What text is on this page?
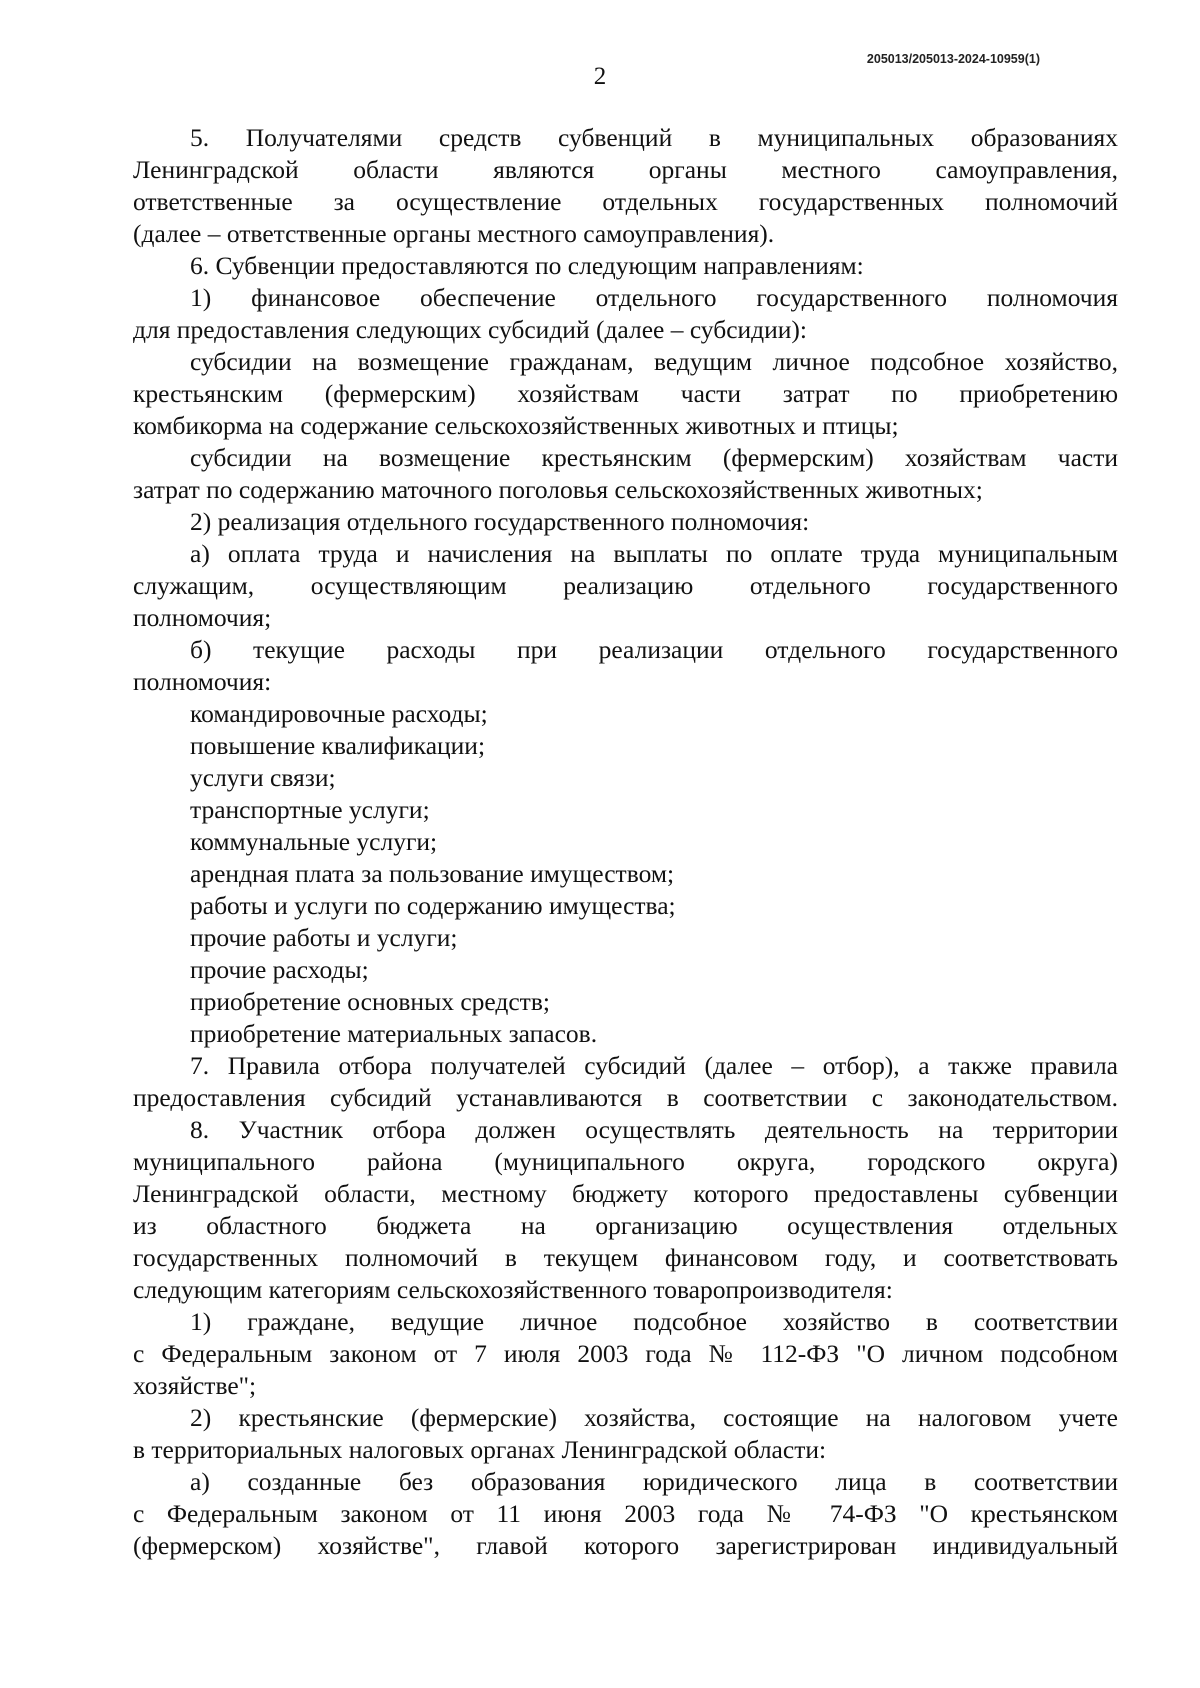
205013/205013-2024-10959(1)
2
5. Получателями средств субвенций в муниципальных образованиях
Ленинградской области являются органы местного самоуправления,
ответственные за осуществление отдельных государственных полномочий
(далее – ответственные органы местного самоуправления).
6. Субвенции предоставляются по следующим направлениям:
1) финансовое обеспечение отдельного государственного полномочия
для предоставления следующих субсидий (далее – субсидии):
субсидии на возмещение гражданам, ведущим личное подсобное хозяйство,
крестьянским (фермерским) хозяйствам части затрат по приобретению
комбикорма на содержание сельскохозяйственных животных и птицы;
субсидии на возмещение крестьянским (фермерским) хозяйствам части
затрат по содержанию маточного поголовья сельскохозяйственных животных;
2) реализация отдельного государственного полномочия:
а) оплата труда и начисления на выплаты по оплате труда муниципальным
служащим, осуществляющим реализацию отдельного государственного
полномочия;
б) текущие расходы при реализации отдельного государственного
полномочия:
командировочные расходы;
повышение квалификации;
услуги связи;
транспортные услуги;
коммунальные услуги;
арендная плата за пользование имуществом;
работы и услуги по содержанию имущества;
прочие работы и услуги;
прочие расходы;
приобретение основных средств;
приобретение материальных запасов.
7. Правила отбора получателей субсидий (далее – отбор), а также правила
предоставления субсидий устанавливаются в соответствии с законодательством.
8. Участник отбора должен осуществлять деятельность на территории
муниципального района (муниципального округа, городского округа)
Ленинградской области, местному бюджету которого предоставлены субвенции
из областного бюджета на организацию осуществления отдельных
государственных полномочий в текущем финансовом году, и соответствовать
следующим категориям сельскохозяйственного товаропроизводителя:
1) граждане, ведущие личное подсобное хозяйство в соответствии
с Федеральным законом от 7 июля 2003 года № 112-ФЗ "О личном подсобном
хозяйстве";
2) крестьянские (фермерские) хозяйства, состоящие на налоговом учете
в территориальных налоговых органах Ленинградской области:
а) созданные без образования юридического лица в соответствии
с Федеральным законом от 11 июня 2003 года № 74-ФЗ "О крестьянском
(фермерском) хозяйстве", главой которого зарегистрирован индивидуальный
